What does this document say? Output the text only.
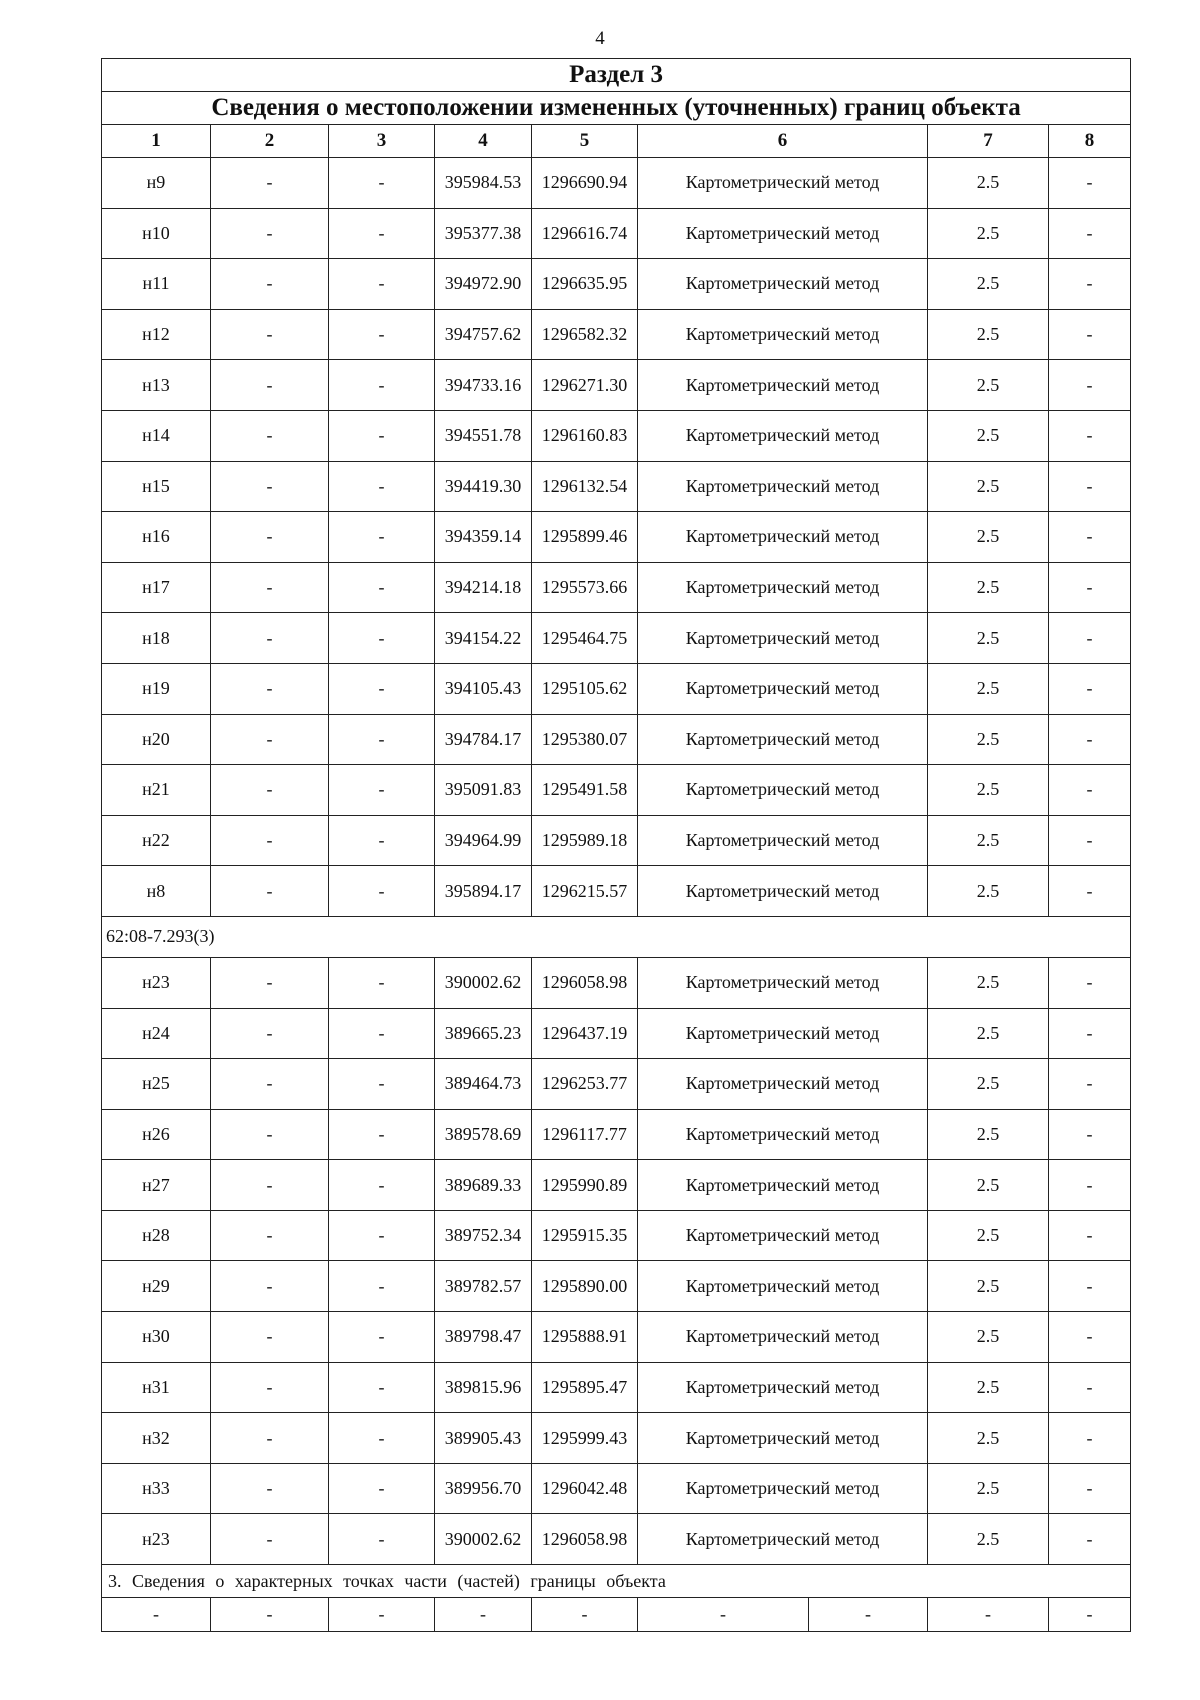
4
Раздел 3								
Сведения о местоположении измененных (уточненных) границ объекта								
1	2	3	4	5	6		7	8
н9	-	-	395984.53	1296690.94	Картометрический метод		2.5	-
н10	-	-	395377.38	1296616.74	Картометрический метод		2.5	-
н11	-	-	394972.90	1296635.95	Картометрический метод		2.5	-
н12	-	-	394757.62	1296582.32	Картометрический метод		2.5	-
н13	-	-	394733.16	1296271.30	Картометрический метод		2.5	-
н14	-	-	394551.78	1296160.83	Картометрический метод		2.5	-
н15	-	-	394419.30	1296132.54	Картометрический метод		2.5	-
н16	-	-	394359.14	1295899.46	Картометрический метод		2.5	-
н17	-	-	394214.18	1295573.66	Картометрический метод		2.5	-
н18	-	-	394154.22	1295464.75	Картометрический метод		2.5	-
н19	-	-	394105.43	1295105.62	Картометрический метод		2.5	-
н20	-	-	394784.17	1295380.07	Картометрический метод		2.5	-
н21	-	-	395091.83	1295491.58	Картометрический метод		2.5	-
н22	-	-	394964.99	1295989.18	Картометрический метод		2.5	-
н8	-	-	395894.17	1296215.57	Картометрический метод		2.5	-
62:08-7.293(3)								
н23	-	-	390002.62	1296058.98	Картометрический метод		2.5	-
н24	-	-	389665.23	1296437.19	Картометрический метод		2.5	-
н25	-	-	389464.73	1296253.77	Картометрический метод		2.5	-
н26	-	-	389578.69	1296117.77	Картометрический метод		2.5	-
н27	-	-	389689.33	1295990.89	Картометрический метод		2.5	-
н28	-	-	389752.34	1295915.35	Картометрический метод		2.5	-
н29	-	-	389782.57	1295890.00	Картометрический метод		2.5	-
н30	-	-	389798.47	1295888.91	Картометрический метод		2.5	-
н31	-	-	389815.96	1295895.47	Картометрический метод		2.5	-
н32	-	-	389905.43	1295999.43	Картометрический метод		2.5	-
н33	-	-	389956.70	1296042.48	Картометрический метод		2.5	-
н23	-	-	390002.62	1296058.98	Картометрический метод		2.5	-
3. Сведения о характерных точках части (частей) границы объекта								
-	-	-	-	-	-	-	-	-
